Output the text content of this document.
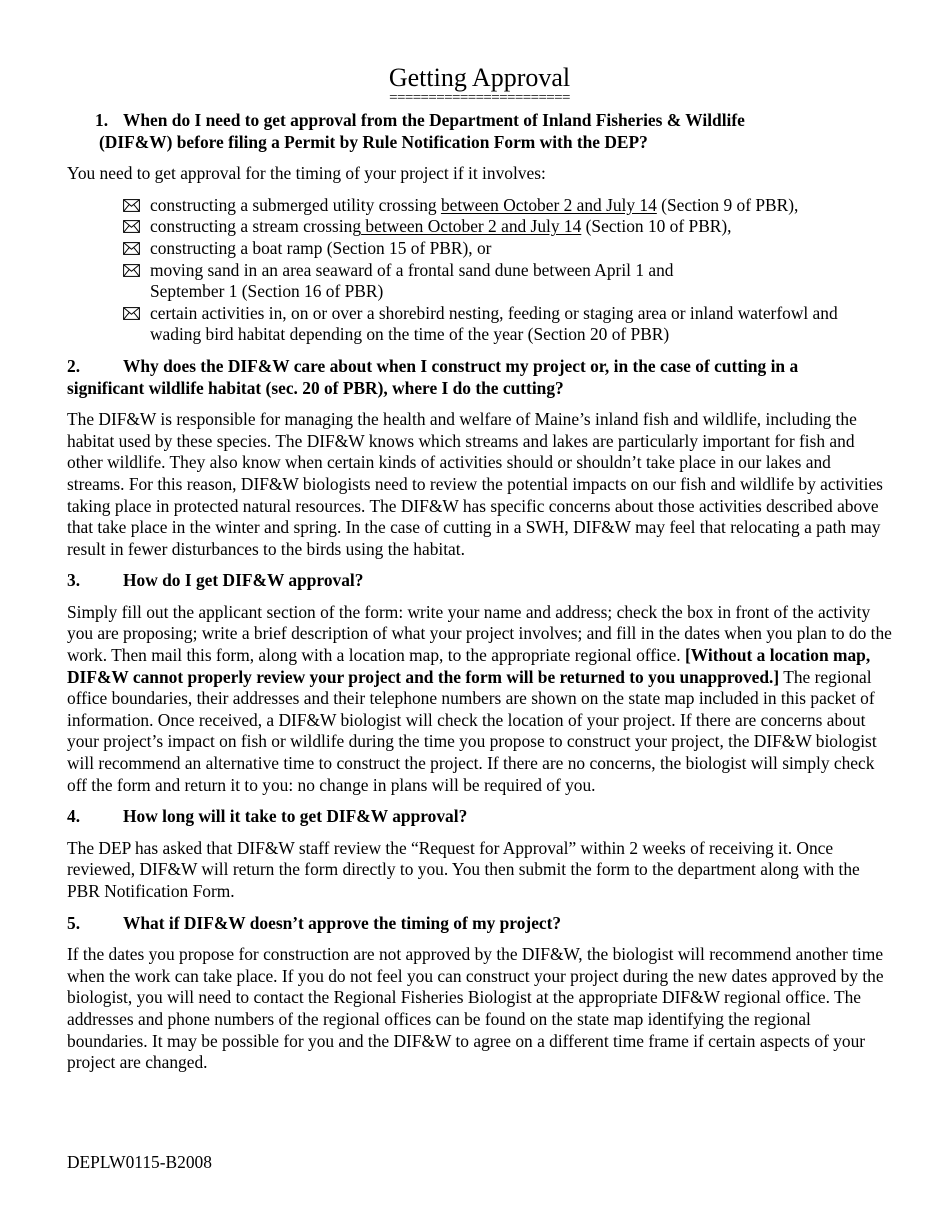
Getting Approval
=======================
1. When do I need to get approval from the Department of Inland Fisheries & Wildlife
(DIF&W) before filing a Permit by Rule Notification Form with the DEP?

You need to get approval for the timing of your project if it involves:

constructing a submerged utility crossing between October 2 and July 14 (Section 9 of PBR),
constructing a stream crossing between October 2 and July 14 (Section 10 of PBR),
constructing a boat ramp (Section 15 of PBR), or
moving sand in an area seaward of a frontal sand dune between April 1 and
September 1 (Section 16 of PBR)
certain activities in, on or over a shorebird nesting, feeding or staging area or inland waterfowl and wading bird habitat depending on the time of the year (Section 20 of PBR)
2. Why does the DIF&W care about when I construct my project or, in the case of cutting in a
significant wildlife habitat (sec. 20 of PBR), where I do the cutting?

The DIF&W is responsible for managing the health and welfare of Maine’s inland fish and wildlife, including the habitat used by these species. The DIF&W knows which streams and lakes are particularly important for fish and other wildlife. They also know when certain kinds of activities should or shouldn’t take place in our lakes and streams. For this reason, DIF&W biologists need to review the potential impacts on our fish and wildlife by activities taking place in protected natural resources. The DIF&W has specific concerns about those activities described above that take place in the winter and spring. In the case of cutting in a SWH, DIF&W may feel that relocating a path may result in fewer disturbances to the birds using the habitat.

3.	How do I get DIF&W approval?

Simply fill out the applicant section of the form: write your name and address; check the box in front of the activity you are proposing; write a brief description of what your project involves; and fill in the dates when you plan to do the work. Then mail this form, along with a location map, to the appropriate regional office. [Without a location map, DIF&W cannot properly review your project and the form will be returned to you unapproved.] The regional office boundaries, their addresses and their telephone numbers are shown on the state map included in this packet of information. Once received, a DIF&W biologist will check the location of your project. If there are concerns about your project’s impact on fish or wildlife during the time you propose to construct your project, the DIF&W biologist will recommend an alternative time to construct the project. If there are no concerns, the biologist will simply check off the form and return it to you: no change in plans will be required of you.

4.	How long will it take to get DIF&W approval?

The DEP has asked that DIF&W staff review the “Request for Approval” within 2 weeks of receiving it. Once reviewed, DIF&W will return the form directly to you. You then submit the form to the department along with the PBR Notification Form.

5.	What if DIF&W doesn’t approve the timing of my project?

If the dates you propose for construction are not approved by the DIF&W, the biologist will recommend another time when the work can take place. If you do not feel you can construct your project during the new dates approved by the biologist, you will need to contact the Regional Fisheries Biologist at the appropriate DIF&W regional office. The addresses and phone numbers of the regional offices can be found on the state map identifying the regional boundaries. It may be possible for you and the DIF&W to agree on a different time frame if certain aspects of your project are changed.

DEPLW0115-B2008
